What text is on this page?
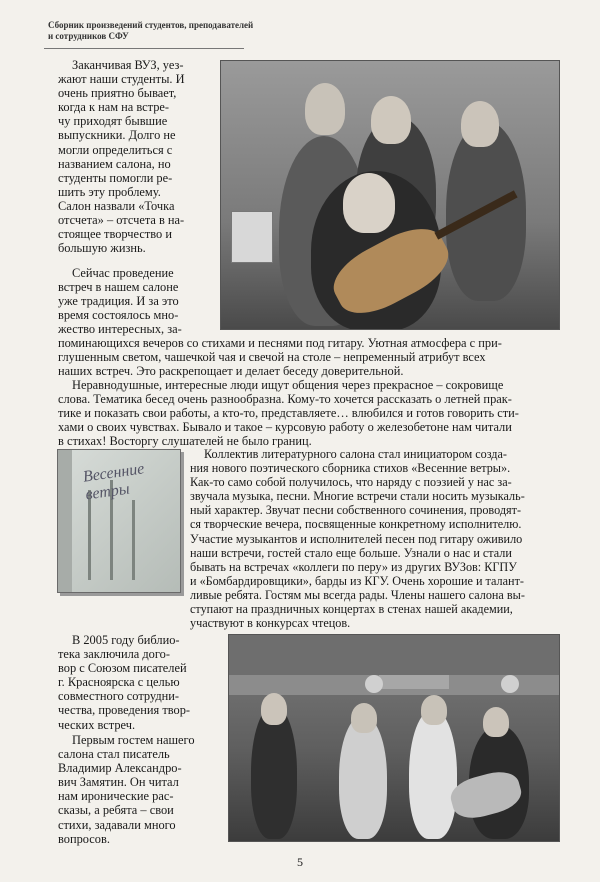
Сборник произведений студентов, преподавателей
и сотрудников СФУ
Заканчивая ВУЗ, уез-
жают наши студенты. И
очень приятно бывает,
когда к нам на встре-
чу приходят бывшие
выпускники. Долго не
могли определиться с
названием салона, но
студенты помогли ре-
шить эту проблему.
Салон назвали «Точка
отсчета» – отсчета в на-
стоящее творчество и
большую жизнь.
Сейчас проведение
встреч в нашем салоне
уже традиция. И за это
время состоялось мно-
жество интересных, за-
поминающихся вечеров со стихами и песнями под гитару. Уютная атмосфера с при-
глушенным светом, чашечкой чая и свечой на столе – непременный атрибут всех
наших встреч. Это раскрепощает и делает беседу доверительной.
Неравнодушные, интересные люди ищут общения через прекрасное – сокровище
слова. Тематика бесед очень разнообразна. Кому-то хочется рассказать о летней прак-
тике и показать свои работы, а кто-то, представляете… влюбился и готов говорить сти-
хами о своих чувствах. Бывало и такое – курсовую работу о железобетоне нам читали
в стихах! Восторгу слушателей не было границ.
Весенние ветры
Коллектив литературного салона стал инициатором созда-
ния нового поэтического сборника стихов «Весенние ветры».
Как-то само собой получилось, что наряду с поэзией у нас за-
звучала музыка, песни. Многие встречи стали носить музыкаль-
ный характер. Звучат песни собственного сочинения, проводят-
ся творческие вечера, посвященные конкретному исполнителю.
Участие музыкантов и исполнителей песен под гитару оживило
наши встречи, гостей стало еще больше. Узнали о нас и стали
бывать на встречах «коллеги по перу» из других ВУЗов: КГПУ
и «Бомбардировщики», барды из КГУ. Очень хорошие и талант-
ливые ребята. Гостям мы всегда рады. Члены нашего салона вы-
ступают на праздничных концертах в стенах нашей академии,
участвуют в конкурсах чтецов.
В 2005 году библио-
тека заключила дого-
вор с Союзом писателей
г. Красноярска с целью
совместного сотрудни-
чества, проведения твор-
ческих встреч.
Первым гостем нашего
салона стал писатель
Владимир Александро-
вич Замятин. Он читал
нам иронические рас-
сказы, а ребята – свои
стихи, задавали много
вопросов.
5
